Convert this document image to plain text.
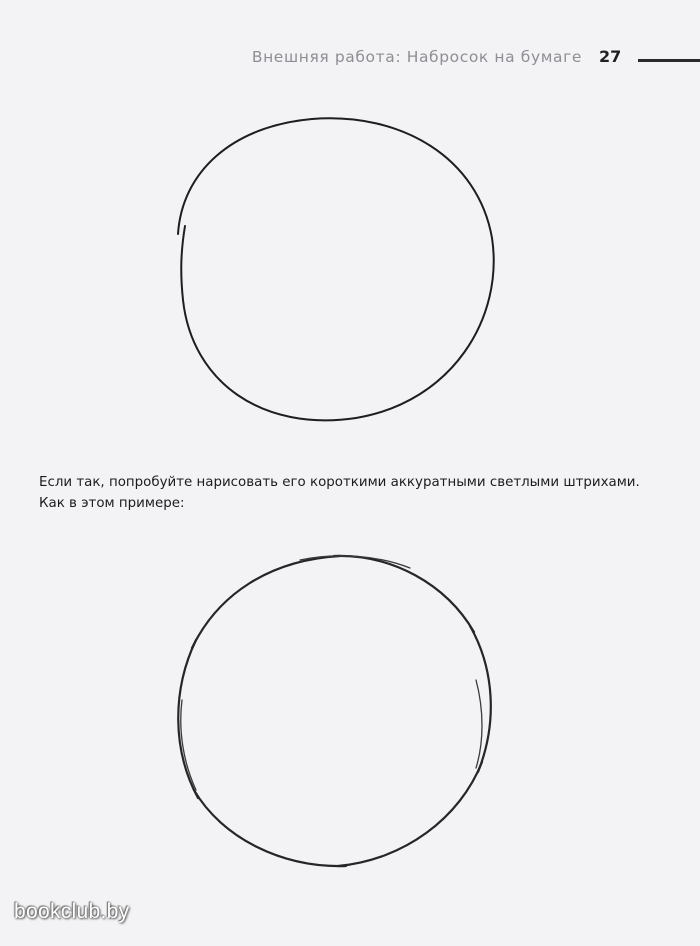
Внешняя работа: Набросок на бумаге 27
Если так, попробуйте нарисовать его короткими аккуратными светлыми штрихами.
Как в этом примере:
bookclub.by
